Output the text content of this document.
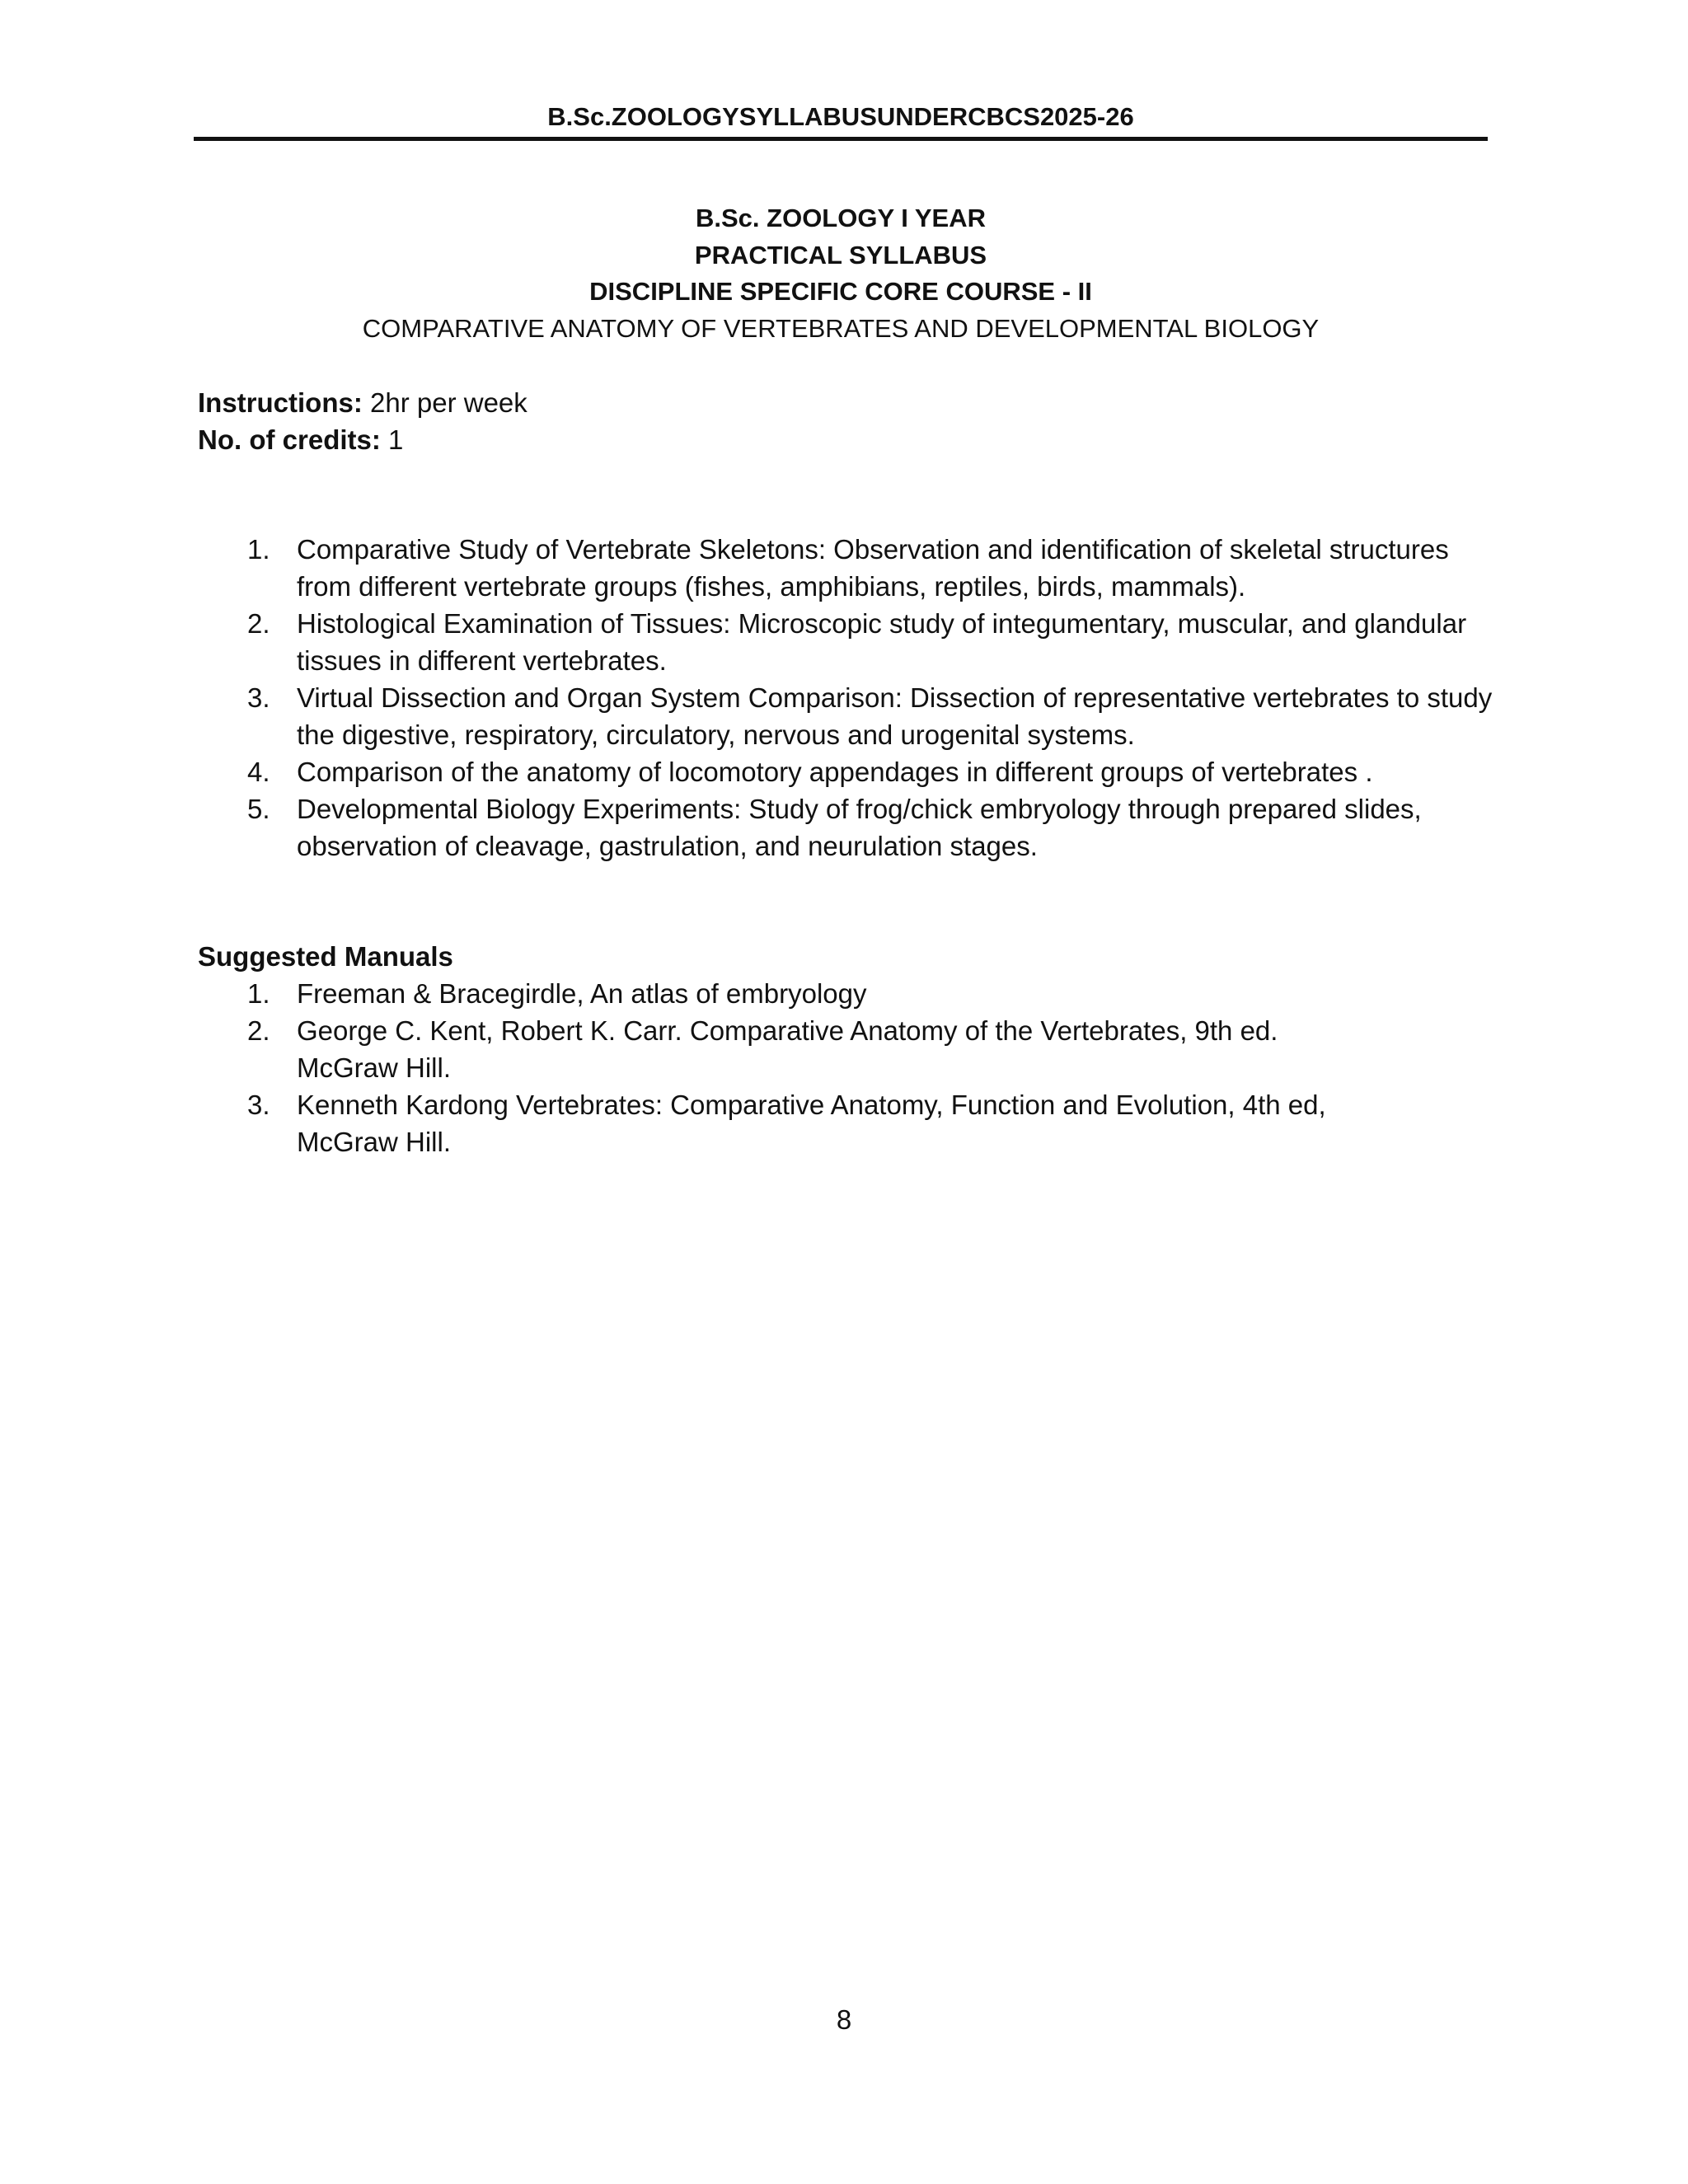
B.Sc.ZOOLOGYSYLLABUSUNDERCBCS2025-26
B.Sc. ZOOLOGY I YEAR
PRACTICAL SYLLABUS
DISCIPLINE SPECIFIC CORE COURSE - II
COMPARATIVE ANATOMY OF VERTEBRATES AND DEVELOPMENTAL BIOLOGY
Instructions: 2hr per week
No. of credits: 1
1. Comparative Study of Vertebrate Skeletons: Observation and identification of skeletal structures from different vertebrate groups (fishes, amphibians, reptiles, birds, mammals).
2. Histological Examination of Tissues: Microscopic study of integumentary, muscular, and glandular tissues in different vertebrates.
3. Virtual Dissection and Organ System Comparison: Dissection of representative vertebrates to study the digestive, respiratory, circulatory, nervous and urogenital systems.
4. Comparison of the anatomy of locomotory appendages in different groups of vertebrates .
5. Developmental Biology Experiments: Study of frog/chick embryology through prepared slides, observation of cleavage, gastrulation, and neurulation stages.
Suggested Manuals
1. Freeman & Bracegirdle, An atlas of embryology
2. George C. Kent, Robert K. Carr. Comparative Anatomy of the Vertebrates, 9th ed.
McGraw Hill.
3. Kenneth Kardong Vertebrates: Comparative Anatomy, Function and Evolution, 4th ed,
McGraw Hill.
8
